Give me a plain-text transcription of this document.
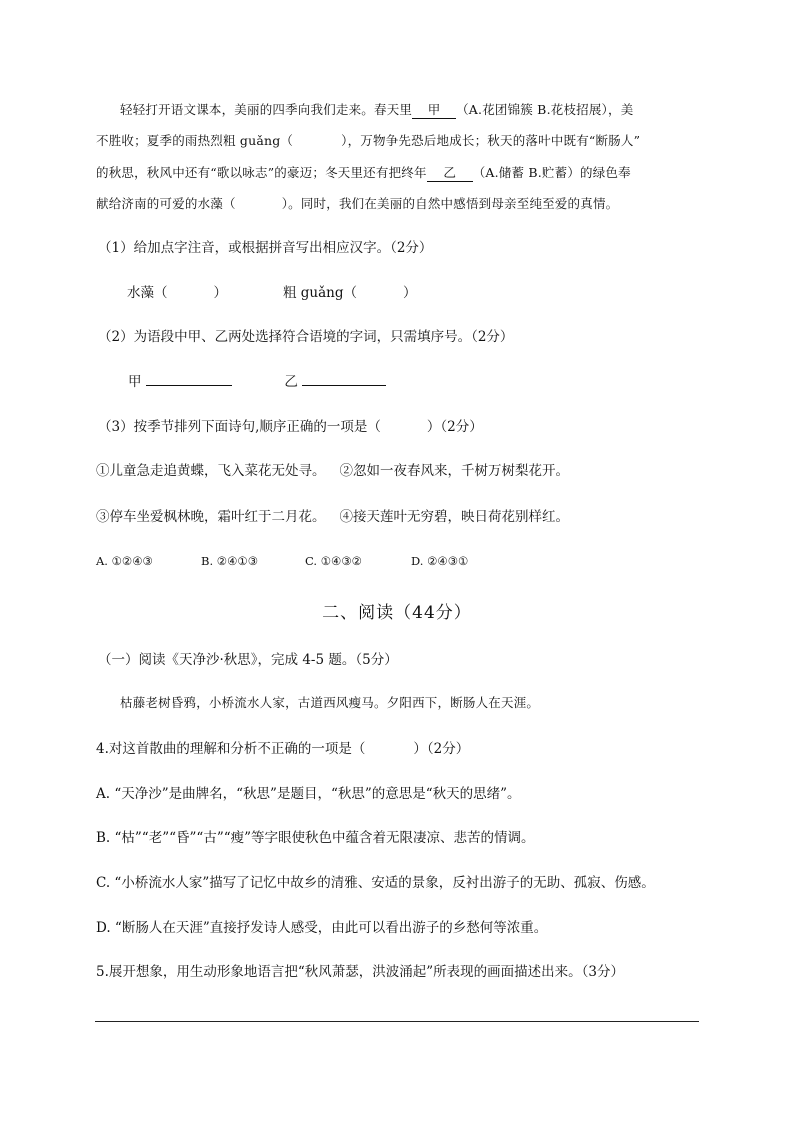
轻轻打开语文课本，美丽的四季向我们走来。春天里 甲 （A.花团锦簇 B.花枝招展），美
不胜收；夏季的雨热烈粗 guǎng（	），万物争先恐后地成长；秋天的落叶中既有“断肠人”
的秋思，秋风中还有“歌以咏志”的豪迈；冬天里还有把终年 乙 （A.储蓄 B.贮蓄）的绿色奉
献给济南的可爱的水藻（	）。同时，我们在美丽的自然中感悟到母亲至纯至爱的真情。
（1）给加点字注音，或根据拼音写出相应汉字。（2分）
水藻（	）	粗 guǎng（	）
（2）为语段中甲、乙两处选择符合语境的字词，只需填序号。（2分）
甲	乙
（3）按季节排列下面诗句,顺序正确的一项是（	）（2分）
①儿童急走追黄蝶，飞入菜花无处寻。 ②忽如一夜春风来，千树万树梨花开。
③停车坐爱枫林晚，霜叶红于二月花。 ④接天莲叶无穷碧，映日荷花别样红。
A. ①②④③	B. ②④①③	C. ①④③②	D. ②④③①
二、阅读（44分）
（一）阅读《天净沙·秋思》，完成 4-5 题。（5分）
枯藤老树昏鸦，小桥流水人家，古道西风瘦马。夕阳西下，断肠人在天涯。
4.对这首散曲的理解和分析不正确的一项是（	）（2分）
A. “天净沙”是曲牌名，“秋思”是题目，“秋思”的意思是“秋天的思绪”。
B. “枯”“老”“昏”“古”“瘦”等字眼使秋色中蕴含着无限凄凉、悲苦的情调。
C. “小桥流水人家”描写了记忆中故乡的清雅、安适的景象，反衬出游子的无助、孤寂、伤感。
D. “断肠人在天涯”直接抒发诗人感受，由此可以看出游子的乡愁何等浓重。
5.展开想象，用生动形象地语言把“秋风萧瑟，洪波涌起”所表现的画面描述出来。（3分）
